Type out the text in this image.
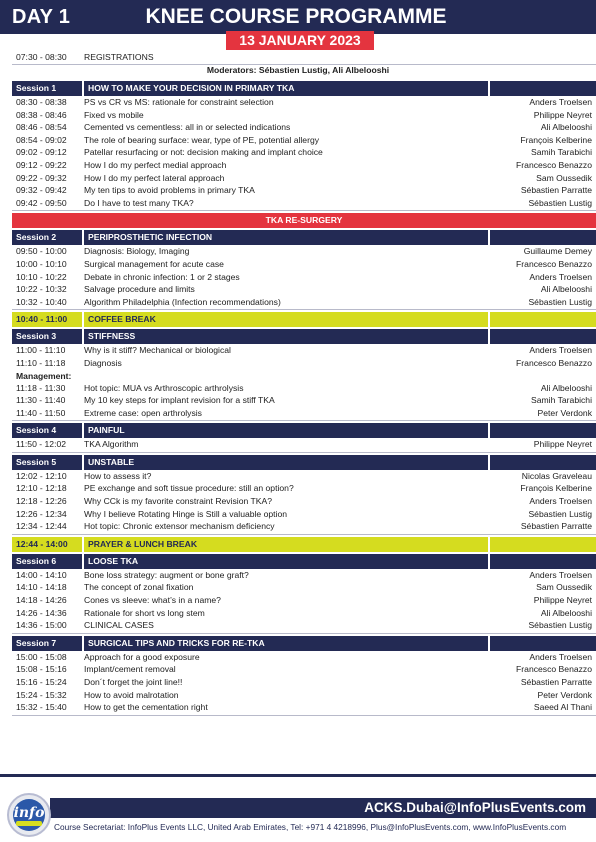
DAY 1	KNEE COURSE PROGRAMME
13 JANUARY 2023
07:30 - 08:30 REGISTRATIONS
Moderators: Sébastien Lustig, Ali Albelooshi
Session 1	HOW TO MAKE YOUR DECISION IN PRIMARY TKA
08:30 - 08:38 PS vs CR vs MS: rationale for constraint selection	Anders Troelsen
08:38 - 08:46 Fixed vs mobile	Philippe Neyret
08:46 - 08:54 Cemented vs cementless: all in or selected indications	Ali Albelooshi
08:54 - 09:02 The role of bearing surface: wear, type of PE, potential allergy	François Kelberine
09:02 - 09:12 Patellar resurfacing or not: decision making and implant choice	Samih Tarabichi
09:12 - 09:22 How I do my perfect medial approach	Francesco Benazzo
09:22 - 09:32 How I do my perfect lateral approach	Sam Oussedik
09:32 - 09:42 My ten tips to avoid problems in primary TKA	Sébastien Parratte
09:42 - 09:50 Do I have to test many TKA?	Sébastien Lustig
TKA RE-SURGERY
Session 2	PERIPROSTHETIC INFECTION
09:50 - 10:00 Diagnosis: Biology, Imaging	Guillaume Demey
10:00 - 10:10 Surgical management for acute case	Francesco Benazzo
10:10 - 10:22 Debate in chronic infection: 1 or 2 stages	Anders Troelsen
10:22 - 10:32 Salvage procedure and limits	Ali Albelooshi
10:32 - 10:40 Algorithm Philadelphia (Infection recommendations)	Sébastien Lustig
10:40 - 11:00	COFFEE BREAK
Session 3	STIFFNESS
11:00 - 11:10 Why is it stiff? Mechanical or biological	Anders Troelsen
11:10 - 11:18 Diagnosis	Francesco Benazzo
Management:
11:18 - 11:30 Hot topic: MUA vs Arthroscopic arthrolysis	Ali Albelooshi
11:30 - 11:40 My 10 key steps for implant revision for a stiff TKA	Samih Tarabichi
11:40 - 11:50 Extreme case: open arthrolysis	Peter Verdonk
Session 4	PAINFUL
11:50 - 12:02 TKA Algorithm	Philippe Neyret
Session 5	UNSTABLE
12:02 - 12:10 How to assess it?	Nicolas Graveleau
12:10 - 12:18 PE exchange and soft tissue procedure: still an option?	François Kelberine
12:18 - 12:26 Why CCk is my favorite constraint Revision TKA?	Anders Troelsen
12:26 - 12:34 Why I believe Rotating Hinge is Still a valuable option	Sébastien Lustig
12:34 - 12:44 Hot topic: Chronic extensor mechanism deficiency	Sébastien Parratte
12:44 - 14:00	PRAYER & LUNCH BREAK
Session 6	LOOSE TKA
14:00 - 14:10 Bone loss strategy: augment or bone graft?	Anders Troelsen
14:10 - 14:18 The concept of zonal fixation	Sam Oussedik
14:18 - 14:26 Cones vs sleeve: what’s in a name?	Philippe Neyret
14:26 - 14:36 Rationale for short vs long stem	Ali Albelooshi
14:36 - 15:00 CLINICAL CASES	Sébastien Lustig
Session 7	SURGICAL TIPS AND TRICKS FOR RE-TKA
15:00 - 15:08 Approach for a good exposure	Anders Troelsen
15:08 - 15:16 Implant/cement removal	Francesco Benazzo
15:16 - 15:24 Don´t forget the joint line!!	Sébastien Parratte
15:24 - 15:32 How to avoid malrotation	Peter Verdonk
15:32 - 15:40 How to get the cementation right	Saeed Al Thani
ACKS.Dubai@InfoPlusEvents.com
Course Secretariat: InfoPlus Events LLC, United Arab Emirates, Tel: +971 4 4218996, Plus@InfoPlusEvents.com, www.InfoPlusEvents.com
info
